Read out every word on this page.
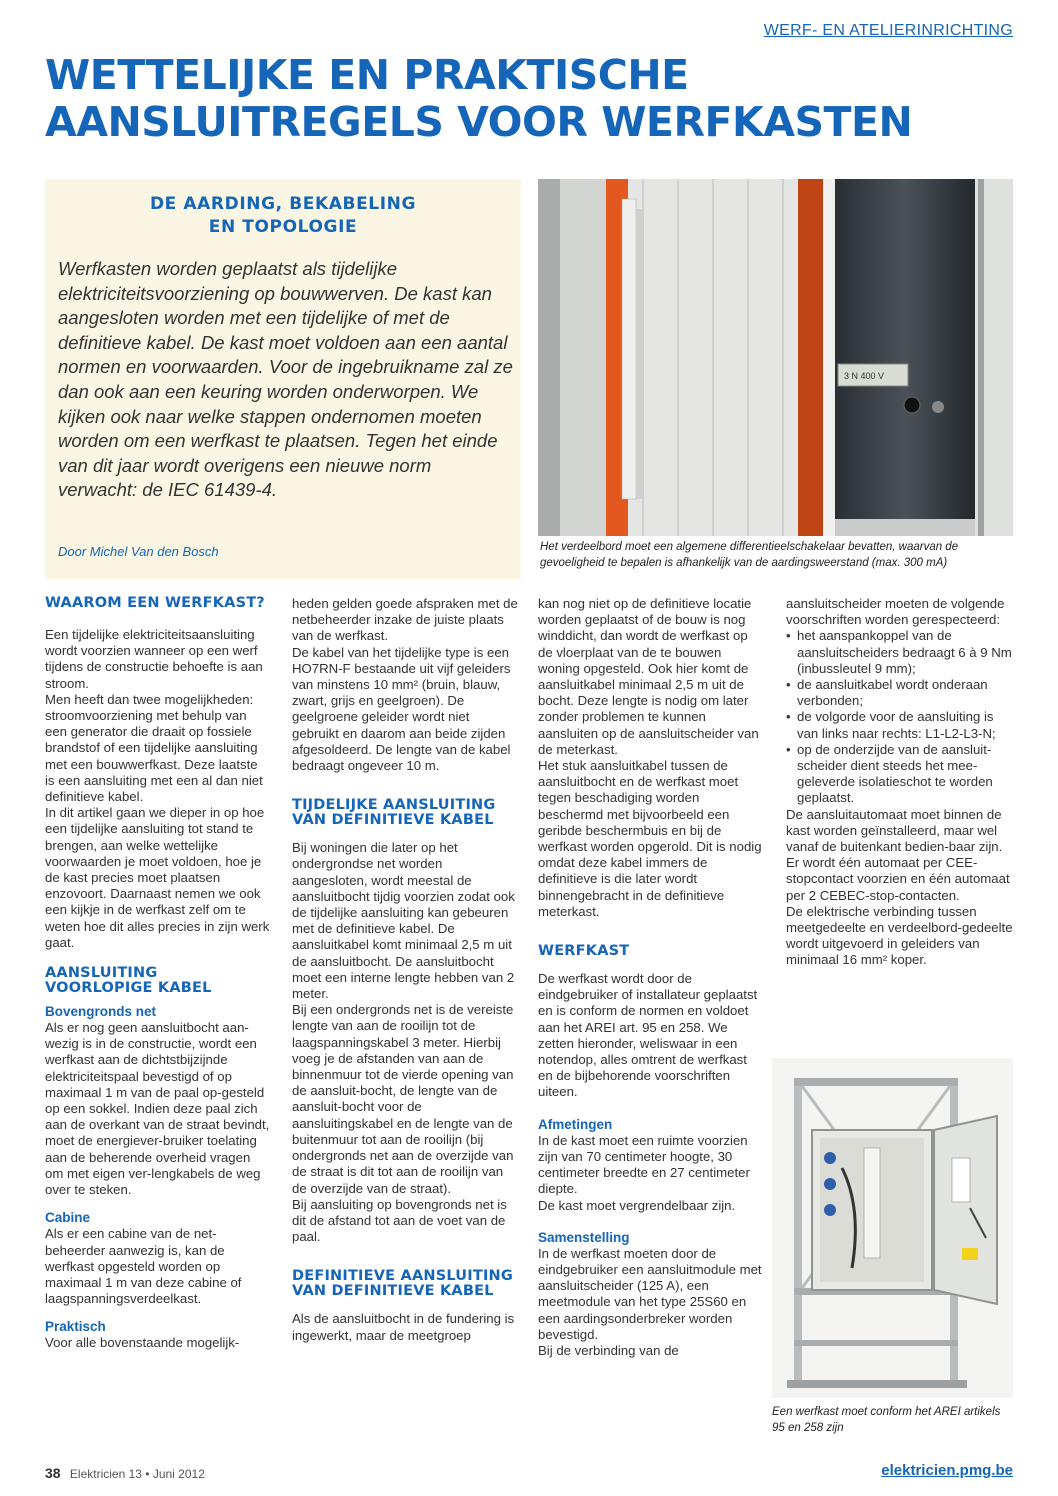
WERF- EN ATELIERINRICHTING
WETTELIJKE EN PRAKTISCHE
AANSLUITREGELS VOOR WERFKASTEN
DE AARDING, BEKABELING
EN TOPOLOGIE
Werfkasten worden geplaatst als tijdelijke elektriciteitsvoorziening op bouwwerven. De kast kan aangesloten worden met een tijdelijke of met de definitieve kabel. De kast moet voldoen aan een aantal normen en voorwaarden. Voor de ingebruikname zal ze dan ook aan een keuring worden onderworpen. We kijken ook naar welke stappen ondernomen moeten worden om een werfkast te plaatsen. Tegen het einde van dit jaar wordt overigens een nieuwe norm verwacht: de IEC 61439-4.
Door Michel Van den Bosch
3 N 400 V
Het verdeelbord moet een algemene differentieelschakelaar bevatten, waarvan de gevoeligheid te bepalen is afhankelijk van de aardingsweerstand (max. 300 mA)
WAAROM EEN WERFKAST?

Een tijdelijke elektriciteitsaansluiting wordt voorzien wanneer op een werf tijdens de constructie behoefte is aan stroom.

Men heeft dan twee mogelijkheden: stroomvoorziening met behulp van een generator die draait op fossiele brandstof of een tijdelijke aansluiting met een bouwwerfkast. Deze laatste is een aansluiting met een al dan niet definitieve kabel.

In dit artikel gaan we dieper in op hoe een tijdelijke aansluiting tot stand te brengen, aan welke wettelijke voorwaarden je moet voldoen, hoe je de kast precies moet plaatsen enzovoort. Daarnaast nemen we ook een kijkje in de werfkast zelf om te weten hoe dit alles precies in zijn werk gaat.

AANSLUITING
VOORLOPIGE KABEL
Bovengronds net

Als er nog geen aansluitbocht aan-wezig is in de constructie, wordt een werfkast aan de dichtstbijzijnde elektriciteitspaal bevestigd of op maximaal 1 m van de paal op-gesteld op een sokkel. Indien deze paal zich aan de overkant van de straat bevindt, moet de energiever-bruiker toelating aan de beherende overheid vragen om met eigen ver-lengkabels de weg over te steken.

Cabine

Als er een cabine van de net-beheerder aanwezig is, kan de werfkast opgesteld worden op maximaal 1 m van deze cabine of laagspanningsverdeelkast.

Praktisch

Voor alle bovenstaande mogelijk-

heden gelden goede afspraken met de netbeheerder inzake de juiste plaats van de werfkast.

De kabel van het tijdelijke type is een HO7RN-F bestaande uit vijf geleiders van minstens 10 mm² (bruin, blauw, zwart, grijs en geelgroen). De geelgroene geleider wordt niet gebruikt en daarom aan beide zijden afgesoldeerd. De lengte van de kabel bedraagt ongeveer 10 m.

TIJDELIJKE AANSLUITING
VAN DEFINITIEVE KABEL

Bij woningen die later op het ondergrondse net worden aangesloten, wordt meestal de aansluitbocht tijdig voorzien zodat ook de tijdelijke aansluiting kan gebeuren met de definitieve kabel. De aansluitkabel komt minimaal 2,5 m uit de aansluitbocht. De aansluitbocht moet een interne lengte hebben van 2 meter.

Bij een ondergronds net is de vereiste lengte van aan de rooilijn tot de laagspanningskabel 3 meter. Hierbij voeg je de afstanden van aan de binnenmuur tot de vierde opening van de aansluit-bocht, de lengte van de aansluit-bocht voor de aansluitingskabel en de lengte van de buitenmuur tot aan de rooilijn (bij ondergronds net aan de overzijde van de straat is dit tot aan de rooilijn van de overzijde van de straat).

Bij aansluiting op bovengronds net is dit de afstand tot aan de voet van de paal.

DEFINITIEVE AANSLUITING
VAN DEFINITIEVE KABEL

Als de aansluitbocht in de fundering is ingewerkt, maar de meetgroep

kan nog niet op de definitieve locatie worden geplaatst of de bouw is nog winddicht, dan wordt de werfkast op de vloerplaat van de te bouwen woning opgesteld. Ook hier komt de aansluitkabel minimaal 2,5 m uit de bocht. Deze lengte is nodig om later zonder problemen te kunnen aansluiten op de aansluitscheider van de meterkast.

Het stuk aansluitkabel tussen de aansluitbocht en de werfkast moet tegen beschadiging worden beschermd met bijvoorbeeld een geribde beschermbuis en bij de werfkast worden opgerold. Dit is nodig omdat deze kabel immers de definitieve is die later wordt binnengebracht in de definitieve meterkast.

WERFKAST

De werfkast wordt door de eindgebruiker of installateur geplaatst en is conform de normen en voldoet aan het AREI art. 95 en 258. We zetten hieronder, weliswaar in een notendop, alles omtrent de werfkast en de bijbehorende voorschriften uiteen.

Afmetingen

In de kast moet een ruimte voorzien zijn van 70 centimeter hoogte, 30 centimeter breedte en 27 centimeter diepte.

De kast moet vergrendelbaar zijn.

Samenstelling

In de werfkast moeten door de eindgebruiker een aansluitmodule met aansluitscheider (125 A), een meetmodule van het type 25S60 en een aardingsonderbreker worden bevestigd.

Bij de verbinding van de

aansluitscheider moeten de volgende voorschriften worden gerespecteerd:

• het aanspankoppel van de aansluitscheiders bedraagt 6 à 9 Nm (inbussleutel 9 mm);
• de aansluitkabel wordt onderaan verbonden;
• de volgorde voor de aansluiting is van links naar rechts: L1-L2-L3-N;
• op de onderzijde van de aansluit-scheider dient steeds het mee-geleverde isolatieschot te worden geplaatst.

De aansluitautomaat moet binnen de kast worden geïnstalleerd, maar wel vanaf de buitenkant bedien-baar zijn. Er wordt één automaat per CEE-stopcontact voorzien en één automaat per 2 CEBEC-stop-contacten.

De elektrische verbinding tussen meetgedeelte en verdeelbord-gedeelte wordt uitgevoerd in geleiders van minimaal 16 mm² koper.

Een werfkast moet conform het AREI artikels 95 en 258 zijn
38 Elektricien 13 • Juni 2012	elektricien.pmg.be
